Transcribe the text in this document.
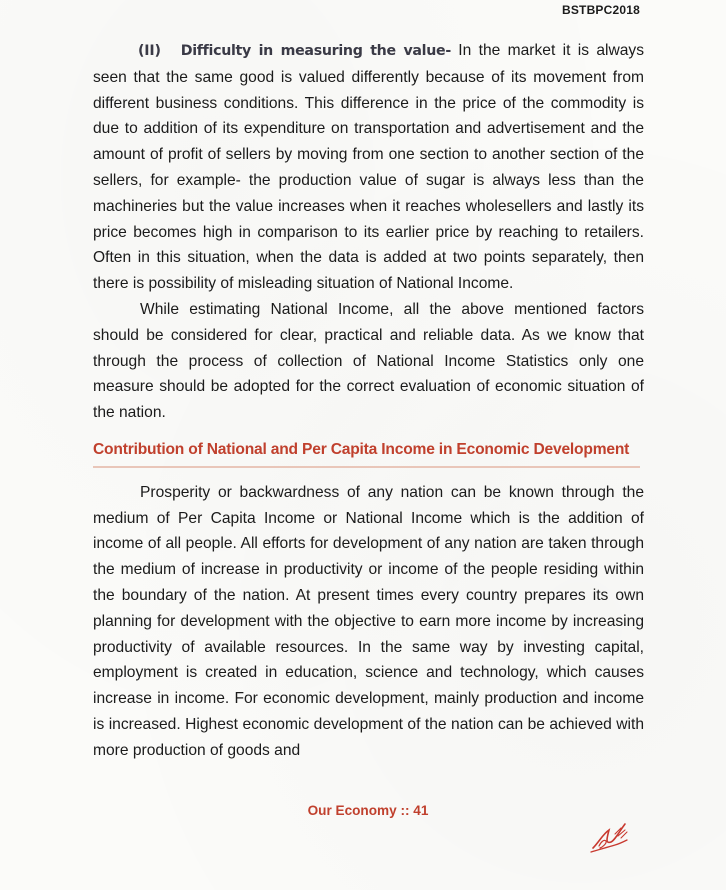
BSTBPC2018

(II) Difficulty in measuring the value- In the market it is always seen that the same good is valued differently because of its movement from different business conditions. This difference in the price of the commodity is due to addition of its expenditure on transportation and advertisement and the amount of profit of sellers by moving from one section to another section of the sellers, for example- the production value of sugar is always less than the machineries but the value increases when it reaches wholesellers and lastly its price becomes high in comparison to its earlier price by reaching to retailers. Often in this situation, when the data is added at two points separately, then there is possibility of misleading situation of National Income.

While estimating National Income, all the above mentioned factors should be considered for clear, practical and reliable data. As we know that through the process of collection of National Income Statistics only one measure should be adopted for the correct evaluation of economic situation of the nation.

Contribution of National and Per Capita Income in Economic Development

Prosperity or backwardness of any nation can be known through the medium of Per Capita Income or National Income which is the addition of income of all people. All efforts for development of any nation are taken through the medium of increase in productivity or income of the people residing within the boundary of the nation. At present times every country prepares its own planning for development with the objective to earn more income by increasing productivity of available resources. In the same way by investing capital, employment is created in education, science and technology, which causes increase in income. For economic development, mainly production and income is increased. Highest economic development of the nation can be achieved with more production of goods and

Our Economy :: 41
